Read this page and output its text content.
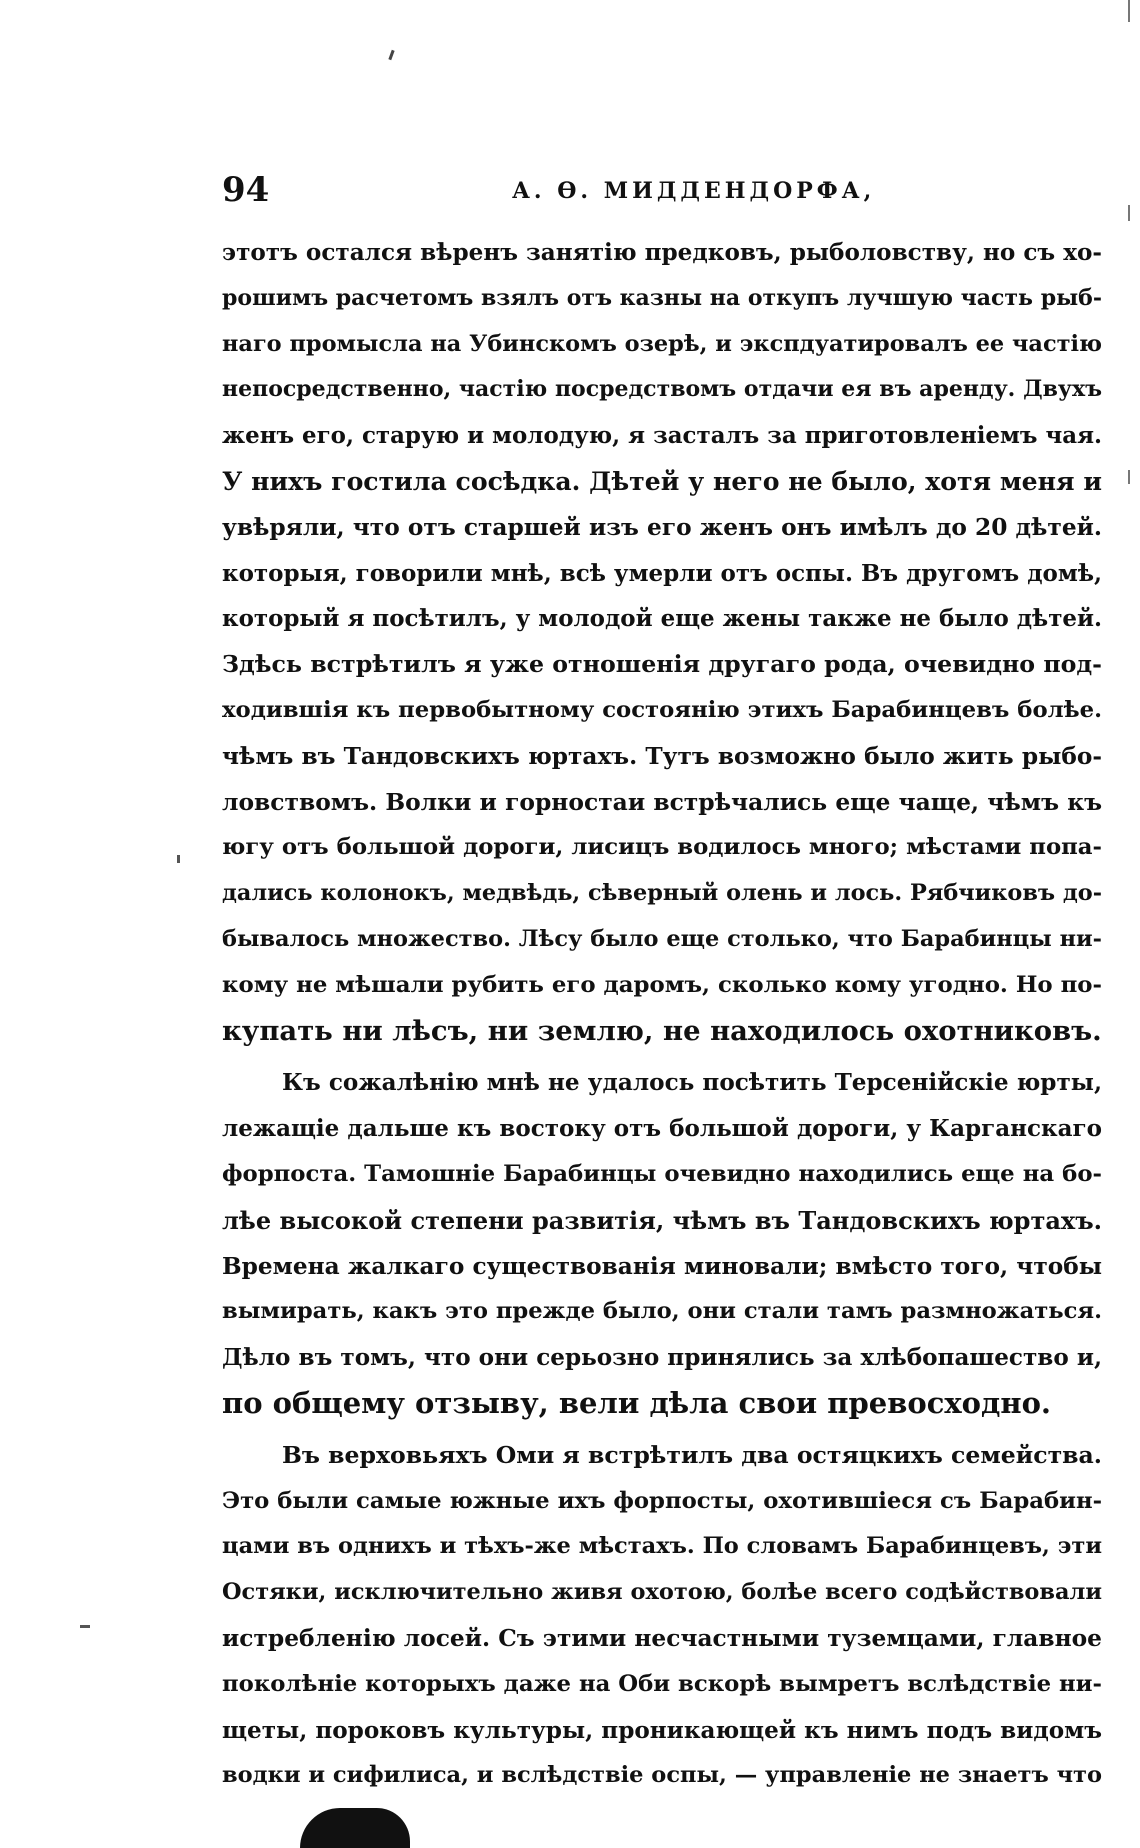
94	А. Ѳ. МИДДЕНДОРФА,
этотъ остался вѣренъ занятію предковъ, рыболовству, но съ хо-
рошимъ расчетомъ взялъ отъ казны на откупъ лучшую часть рыб-
наго промысла на Убинскомъ озерѣ, и экспдуатировалъ ее частію
непосредственно, частію посредствомъ отдачи ея въ аренду. Двухъ
женъ его, старую и молодую, я засталъ за приготовленіемъ чая.
У нихъ гостила сосѣдка. Дѣтей у него не было, хотя меня и
увѣряли, что отъ старшей изъ его женъ онъ имѣлъ до 20 дѣтей.
которыя, говорили мнѣ, всѣ умерли отъ оспы. Въ другомъ домѣ,
который я посѣтилъ, у молодой еще жены также не было дѣтей.
Здѣсь встрѣтилъ я уже отношенія другаго рода, очевидно под-
ходившія къ первобытному состоянію этихъ Барабинцевъ болѣе.
чѣмъ въ Тандовскихъ юртахъ. Тутъ возможно было жить рыбо-
ловствомъ. Волки и горностаи встрѣчались еще чаще, чѣмъ къ
югу отъ большой дороги, лисицъ водилось много; мѣстами попа-
дались колонокъ, медвѣдь, сѣверный олень и лось. Рябчиковъ до-
бывалось множество. Лѣсу было еще столько, что Барабинцы ни-
кому не мѣшали рубить его даромъ, сколько кому угодно. Но по-
купать ни лѣсъ, ни землю, не находилось охотниковъ.
Къ сожалѣнію мнѣ не удалось посѣтить Терсенійскіе юрты,
лежащіе дальше къ востоку отъ большой дороги, у Карганскаго
форпоста. Тамошніе Барабинцы очевидно находились еще на бо-
лѣе высокой степени развитія, чѣмъ въ Тандовскихъ юртахъ.
Времена жалкаго существованія миновали; вмѣсто того, чтобы
вымирать, какъ это прежде было, они стали тамъ размножаться.
Дѣло въ томъ, что они серьозно принялись за хлѣбопашество и,
по общему отзыву, вели дѣла свои превосходно.
Въ верховьяхъ Оми я встрѣтилъ два остяцкихъ семейства.
Это были самые южные ихъ форпосты, охотившіеся съ Барабин-
цами въ однихъ и тѣхъ-же мѣстахъ. По словамъ Барабинцевъ, эти
Остяки, исключительно живя охотою, болѣе всего содѣйствовали
истребленію лосей. Съ этими несчастными туземцами, главное
поколѣніе которыхъ даже на Оби вскорѣ вымретъ вслѣдствіе ни-
щеты, пороковъ культуры, проникающей къ нимъ подъ видомъ
водки и сифилиса, и вслѣдствіе оспы, — управленіе не знаетъ что
